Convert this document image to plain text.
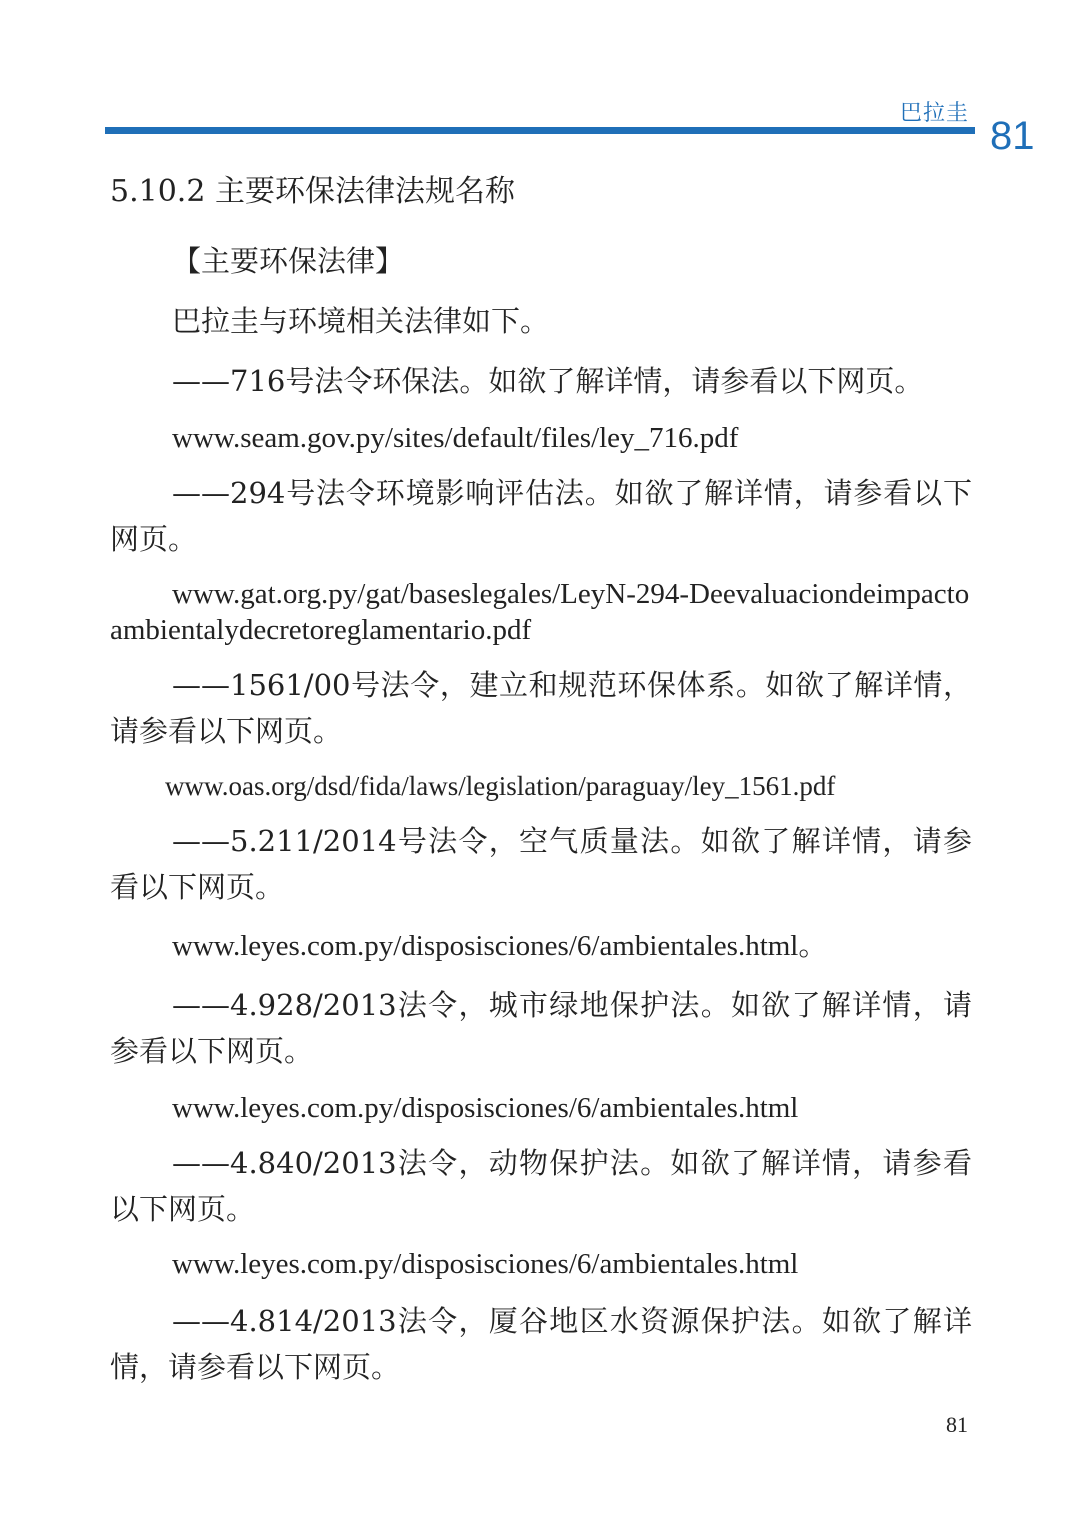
巴拉圭
81
5.10.2 主要环保法律法规名称
【主要环保法律】
巴拉圭与环境相关法律如下。
——716号法令环保法。如欲了解详情，请参看以下网页。
www.seam.gov.py/sites/default/files/ley_716.pdf
——294号法令环境影响评估法。如欲了解详情，请参看以下网页。
www.gat.org.py/gat/baseslegales/LeyN-294-Deevaluaciondeimpactoambientalydecretoreglamentario.pdf
——1561/00号法令，建立和规范环保体系。如欲了解详情，请参看以下网页。
www.oas.org/dsd/fida/laws/legislation/paraguay/ley_1561.pdf
——5.211/2014号法令，空气质量法。如欲了解详情，请参看以下网页。
www.leyes.com.py/disposisciones/6/ambientales.html。
——4.928/2013法令，城市绿地保护法。如欲了解详情，请参看以下网页。
www.leyes.com.py/disposisciones/6/ambientales.html
——4.840/2013法令，动物保护法。如欲了解详情，请参看以下网页。
www.leyes.com.py/disposisciones/6/ambientales.html
——4.814/2013法令，厦谷地区水资源保护法。如欲了解详情，请参看以下网页。
81
